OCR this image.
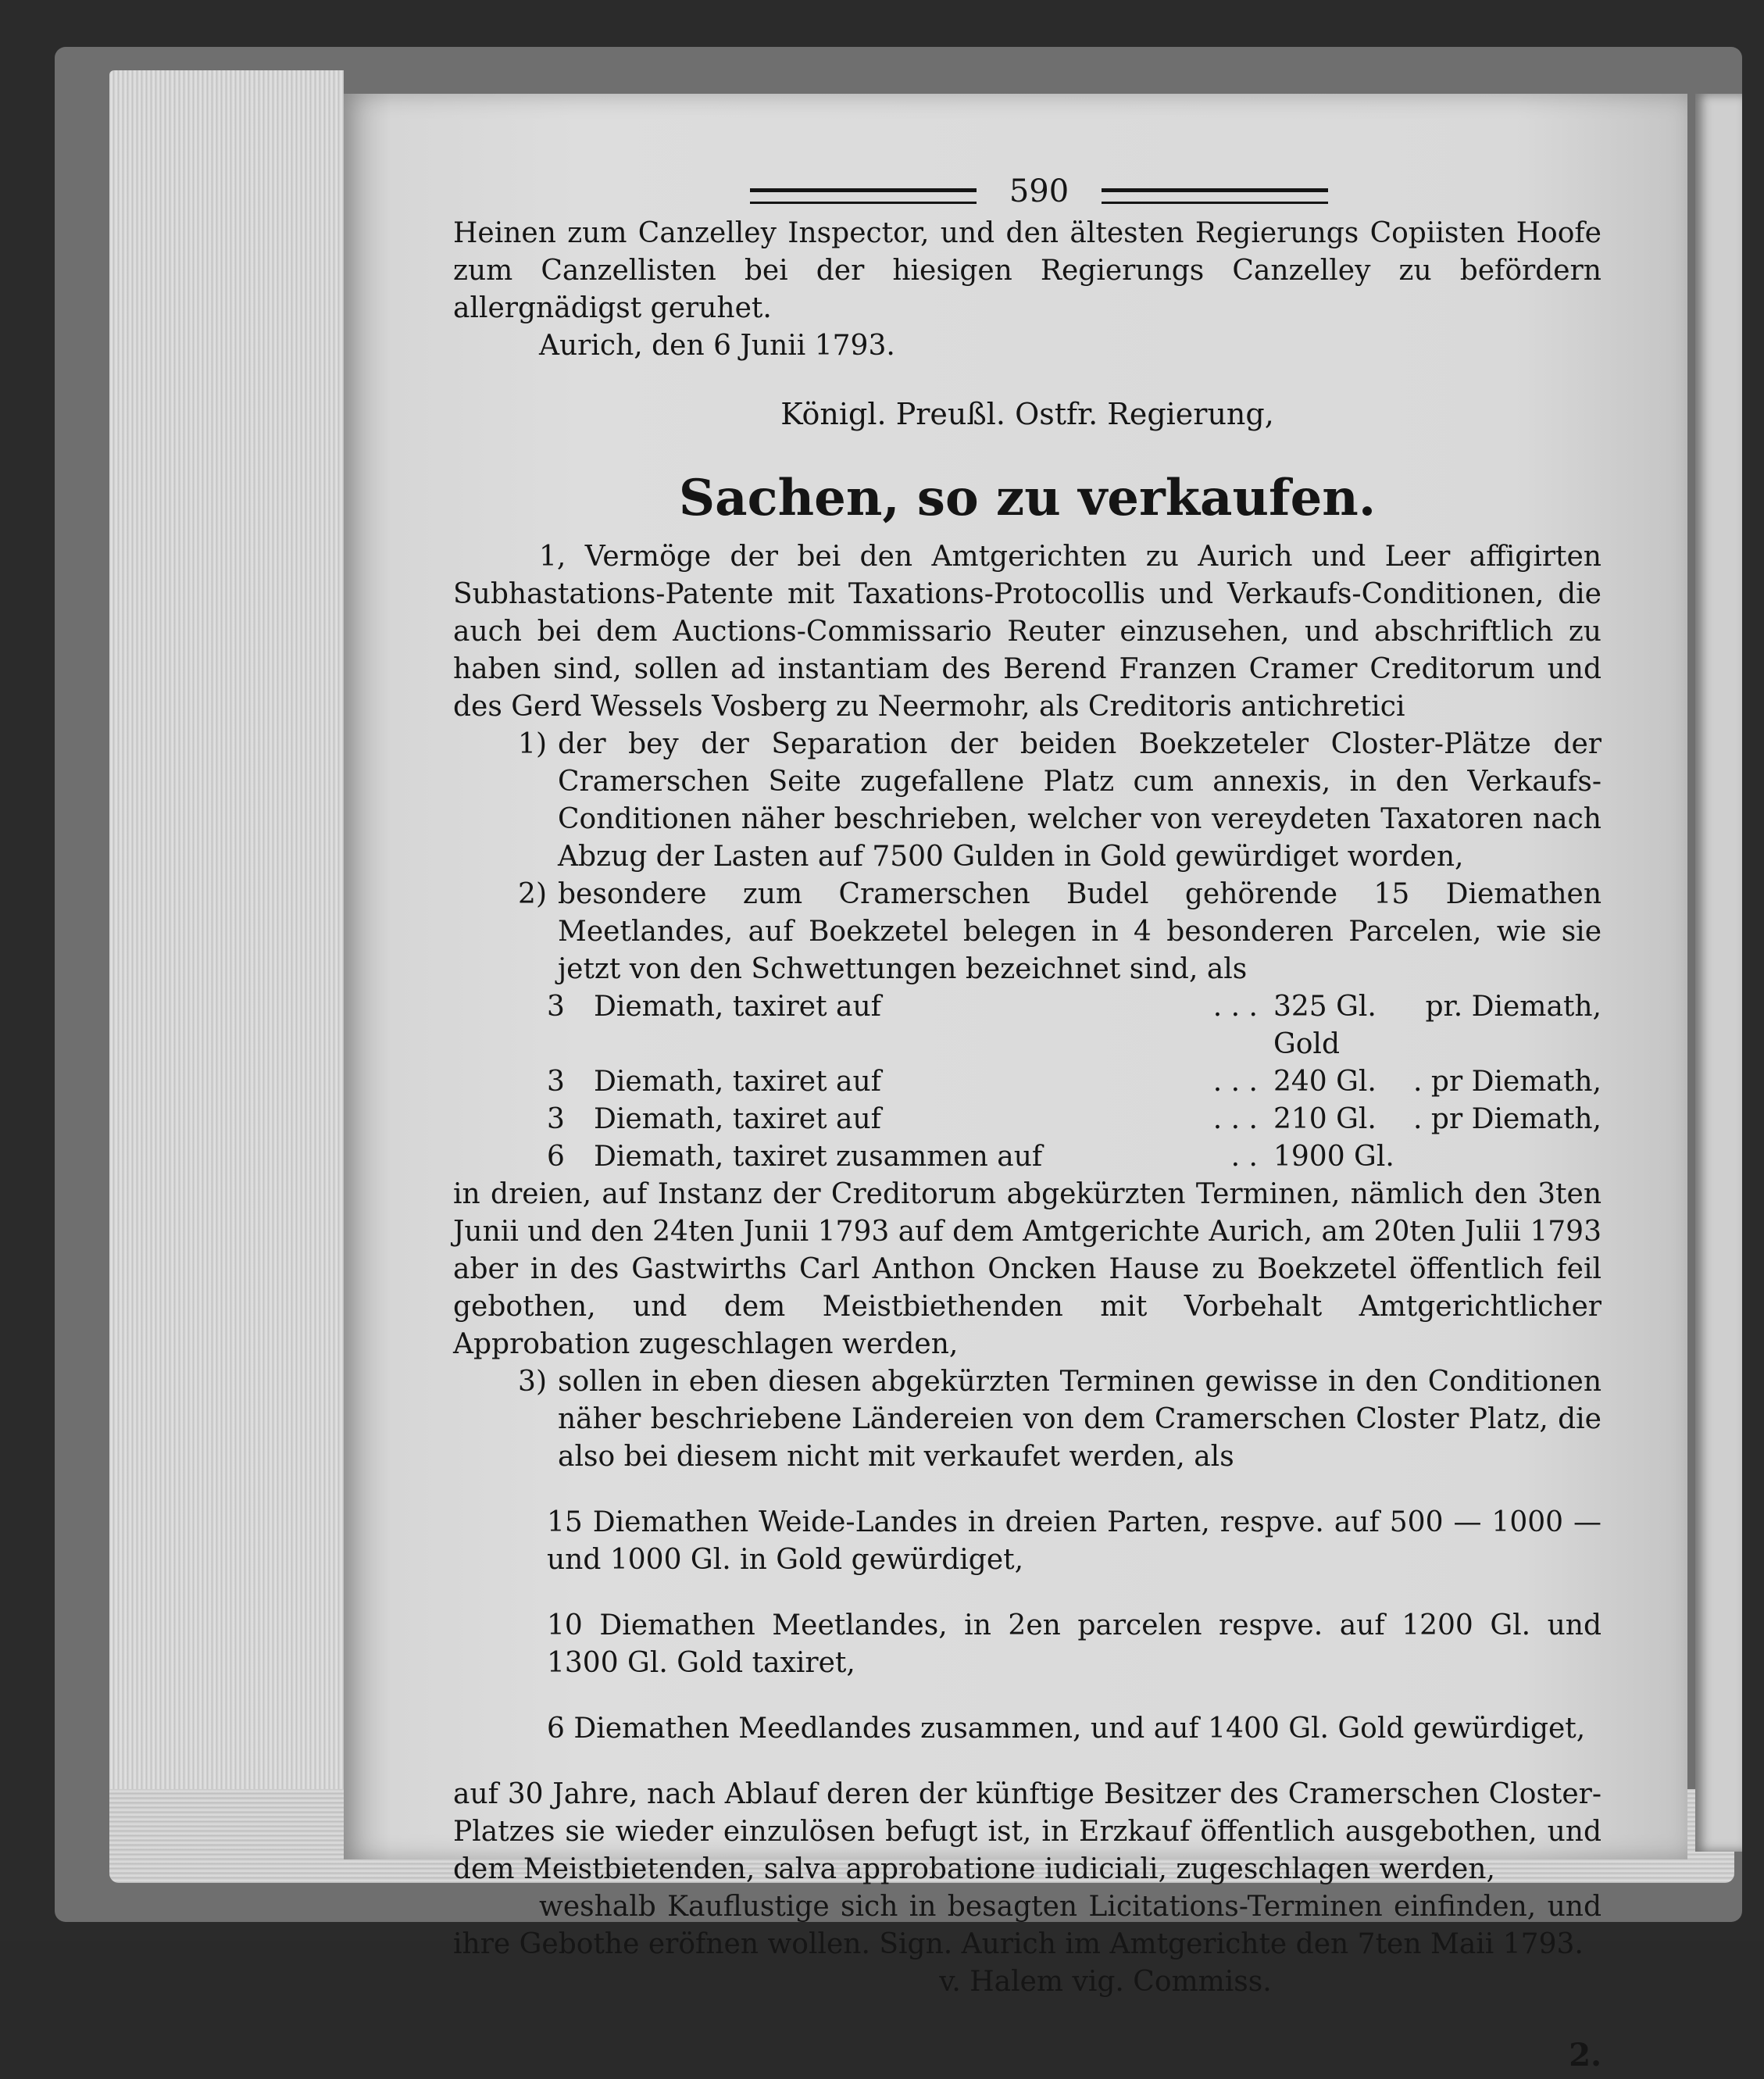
590

Heinen zum Canzelley Inspector, und den ältesten Regierungs Copiisten Hoofe zum Canzellisten bei der hiesigen Regierungs Canzelley zu befördern allergnädigst geruhet.

Aurich, den 6 Junii 1793.

Königl. Preußl. Ostfr. Regierung,

Sachen, so zu verkaufen.

1, Vermöge der bei den Amtgerichten zu Aurich und Leer affigirten Subhastations-Patente mit Taxations-Protocollis und Verkaufs-Conditionen, die auch bei dem Auctions-Commissario Reuter einzusehen, und abschriftlich zu haben sind, sollen ad instantiam des Berend Franzen Cramer Creditorum und des Gerd Wessels Vosberg zu Neermohr, als Creditoris antichretici

1) der bey der Separation der beiden Boekzeteler Closter-Plätze der Cramerschen Seite zugefallene Platz cum annexis, in den Verkaufs-Conditionen näher beschrieben, welcher von vereydeten Taxatoren nach Abzug der Lasten auf 7500 Gulden in Gold gewürdiget worden,
2) besondere zum Cramerschen Budel gehörende 15 Diemathen Meetlandes, auf Boekzetel belegen in 4 besonderen Parcelen, wie sie jetzt von den Schwettungen bezeichnet sind, als
3	Diemath, taxiret auf	. . .	325 Gl. Gold	pr. Diemath,
3	Diemath, taxiret auf	. . .	240 Gl.	. pr Diemath,
3	Diemath, taxiret auf	. . .	210 Gl.	. pr Diemath,
6	Diemath, taxiret zusammen auf	. .	1900 Gl.	

in dreien, auf Instanz der Creditorum abgekürzten Terminen, nämlich den 3ten Junii und den 24ten Junii 1793 auf dem Amtgerichte Aurich, am 20ten Julii 1793 aber in des Gastwirths Carl Anthon Oncken Hause zu Boekzetel öffentlich feil gebothen, und dem Meistbiethenden mit Vorbehalt Amtgerichtlicher Approbation zugeschlagen werden,

3) sollen in eben diesen abgekürzten Terminen gewisse in den Conditionen näher beschriebene Ländereien von dem Cramerschen Closter Platz, die also bei diesem nicht mit verkaufet werden, als

15 Diemathen Weide-Landes in dreien Parten, respve. auf 500 — 1000 — und 1000 Gl. in Gold gewürdiget,

10 Diemathen Meetlandes, in 2en parcelen respve. auf 1200 Gl. und 1300 Gl. Gold taxiret,

6 Diemathen Meedlandes zusammen, und auf 1400 Gl. Gold gewürdiget,

auf 30 Jahre, nach Ablauf deren der künftige Besitzer des Cramerschen Closter-Platzes sie wieder einzulösen befugt ist, in Erzkauf öffentlich ausgebothen, und dem Meistbietenden, salva approbatione iudiciali, zugeschlagen werden,

weshalb Kauflustige sich in besagten Licitations-Terminen einfinden, und ihre Gebothe eröfnen wollen. Sign. Aurich im Amtgerichte den 7ten Maii 1793.

v. Halem vig. Commiss.
2.
